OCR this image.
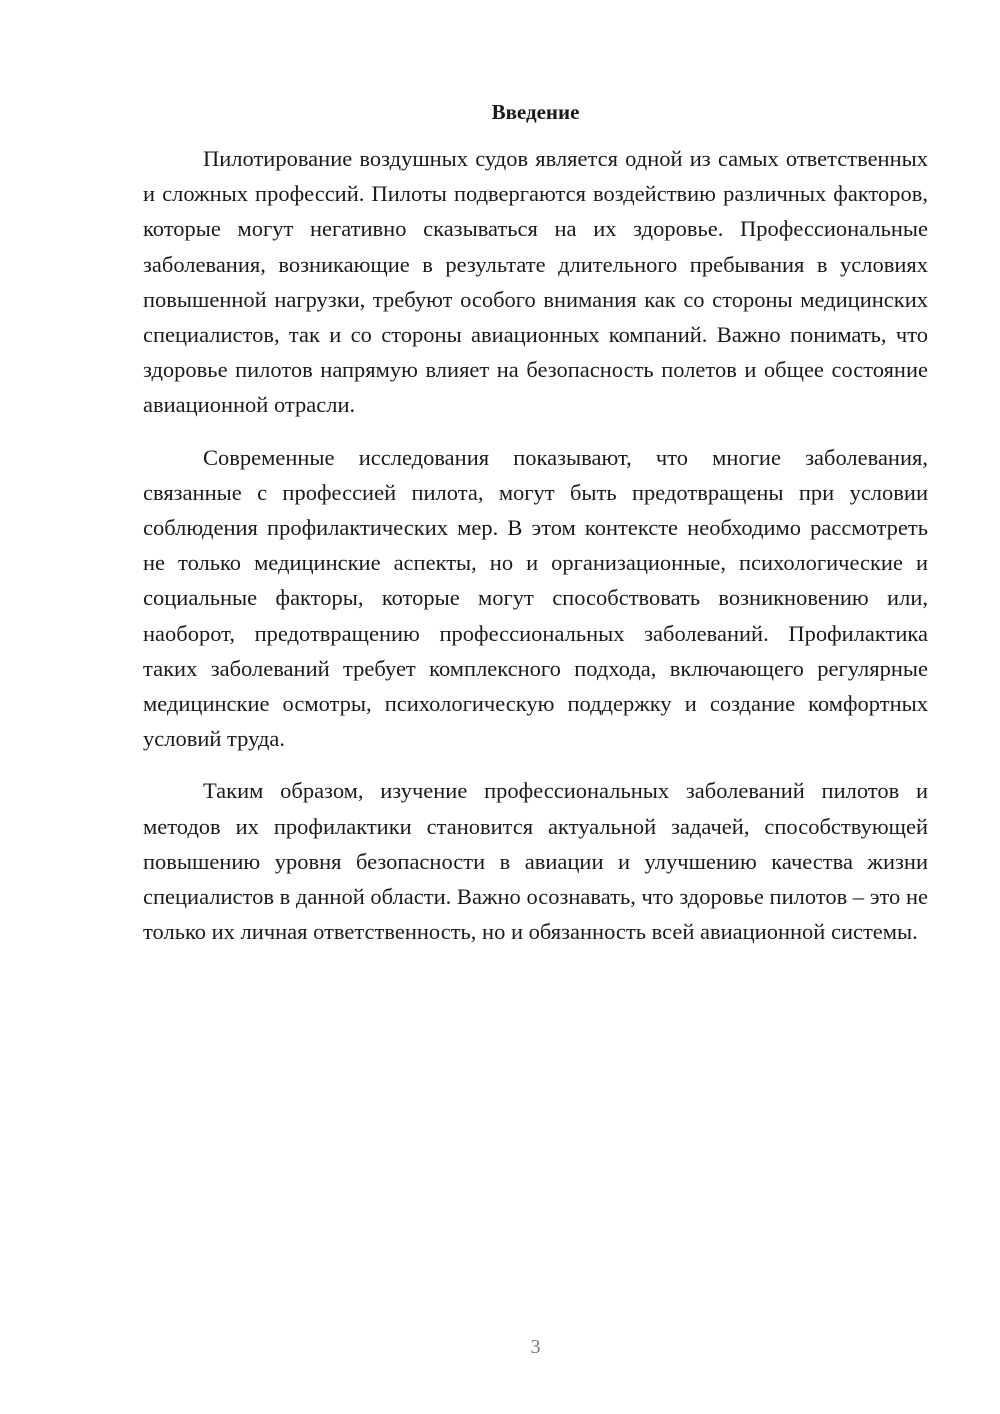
Введение

Пилотирование воздушных судов является одной из самых ответственных и сложных профессий. Пилоты подвергаются воздействию различных факторов, которые могут негативно сказываться на их здоровье. Профессиональные заболевания, возникающие в результате длительного пребывания в условиях повышенной нагрузки, требуют особого внимания как со стороны медицинских специалистов, так и со стороны авиационных компаний. Важно понимать, что здоровье пилотов напрямую влияет на безопасность полетов и общее состояние авиационной отрасли.

Современные исследования показывают, что многие заболевания, связанные с профессией пилота, могут быть предотвращены при условии соблюдения профилактических мер. В этом контексте необходимо рассмотреть не только медицинские аспекты, но и организационные, психологические и социальные факторы, которые могут способствовать возникновению или, наоборот, предотвращению профессиональных заболеваний. Профилактика таких заболеваний требует комплексного подхода, включающего регулярные медицинские осмотры, психологическую поддержку и создание комфортных условий труда.

Таким образом, изучение профессиональных заболеваний пилотов и методов их профилактики становится актуальной задачей, способствующей повышению уровня безопасности в авиации и улучшению качества жизни специалистов в данной области. Важно осознавать, что здоровье пилотов – это не только их личная ответственность, но и обязанность всей авиационной системы.

3
